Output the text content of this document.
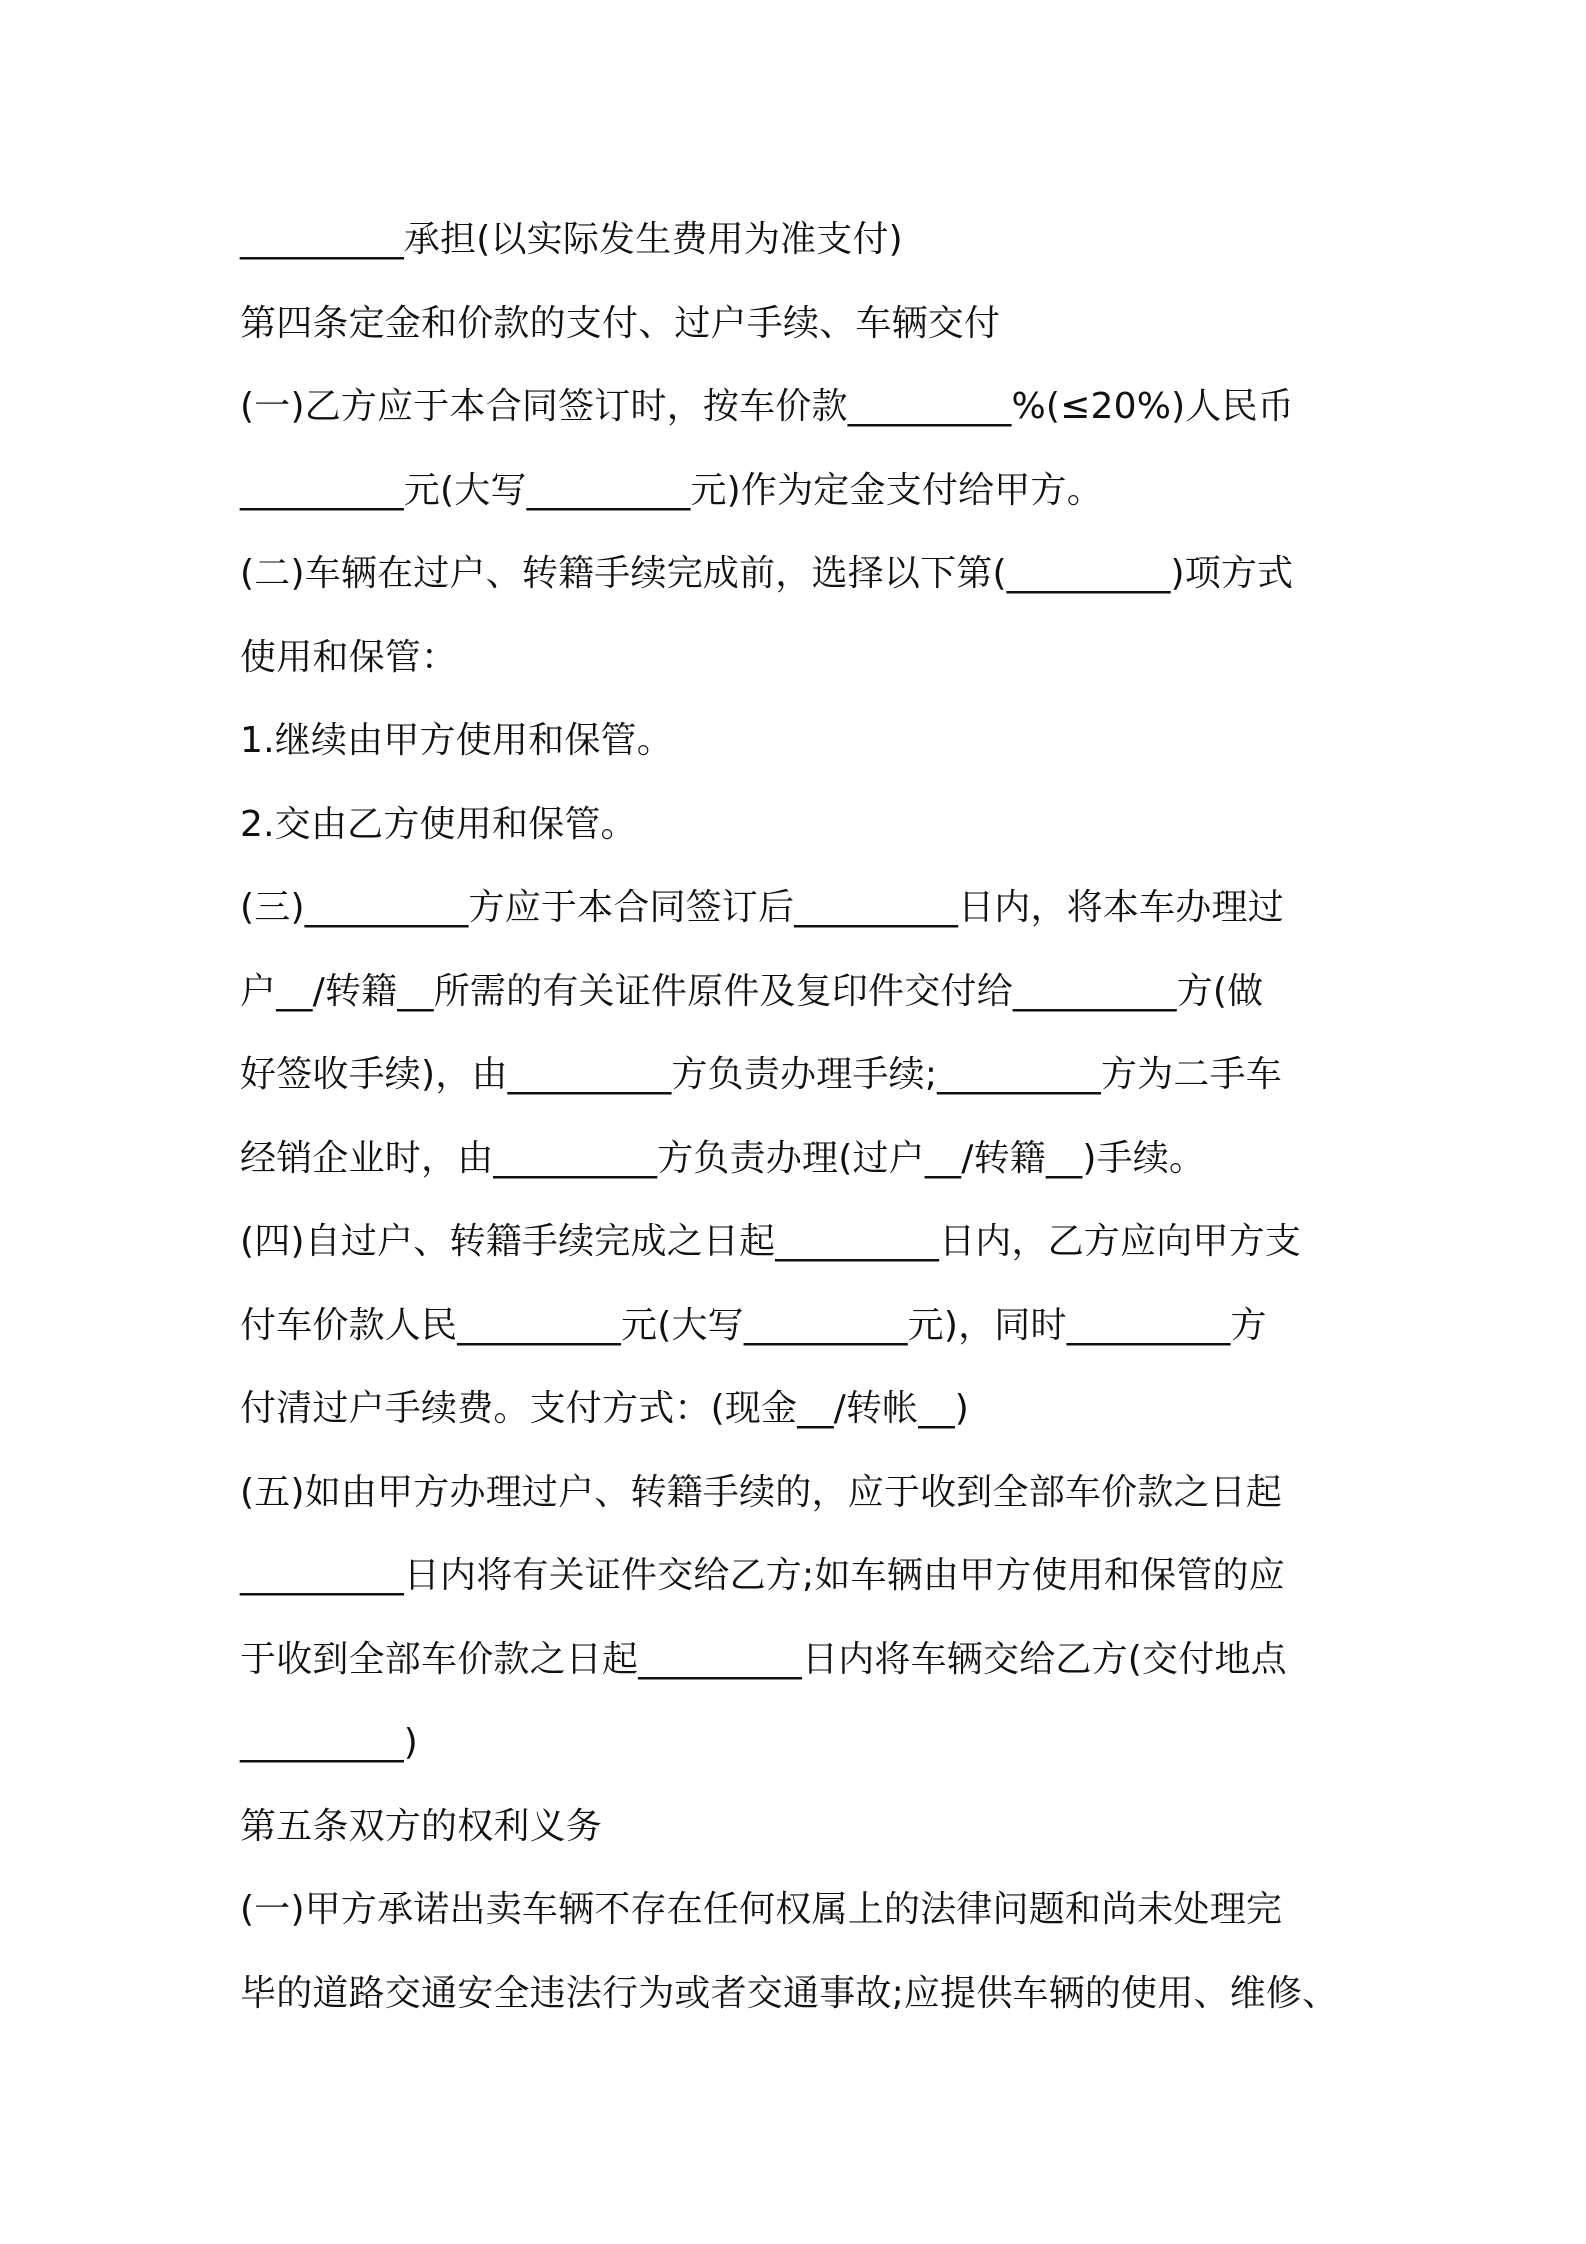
_________承担(以实际发生费用为准支付)
第四条定金和价款的支付、过户手续、车辆交付
(一)乙方应于本合同签订时，按车价款_________%(≤20%)人民币
_________元(大写_________元)作为定金支付给甲方。
(二)车辆在过户、转籍手续完成前，选择以下第(_________)项方式
使用和保管：
1.继续由甲方使用和保管。
2.交由乙方使用和保管。
(三)_________方应于本合同签订后_________日内，将本车办理过
户__/转籍__所需的有关证件原件及复印件交付给_________方(做
好签收手续)，由_________方负责办理手续;_________方为二手车
经销企业时，由_________方负责办理(过户__/转籍__)手续。
(四)自过户、转籍手续完成之日起_________日内，乙方应向甲方支
付车价款人民_________元(大写_________元)，同时_________方
付清过户手续费。支付方式：(现金__/转帐__)
(五)如由甲方办理过户、转籍手续的，应于收到全部车价款之日起
_________日内将有关证件交给乙方;如车辆由甲方使用和保管的应
于收到全部车价款之日起_________日内将车辆交给乙方(交付地点
_________)
第五条双方的权利义务
(一)甲方承诺出卖车辆不存在任何权属上的法律问题和尚未处理完
毕的道路交通安全违法行为或者交通事故;应提供车辆的使用、维修、
